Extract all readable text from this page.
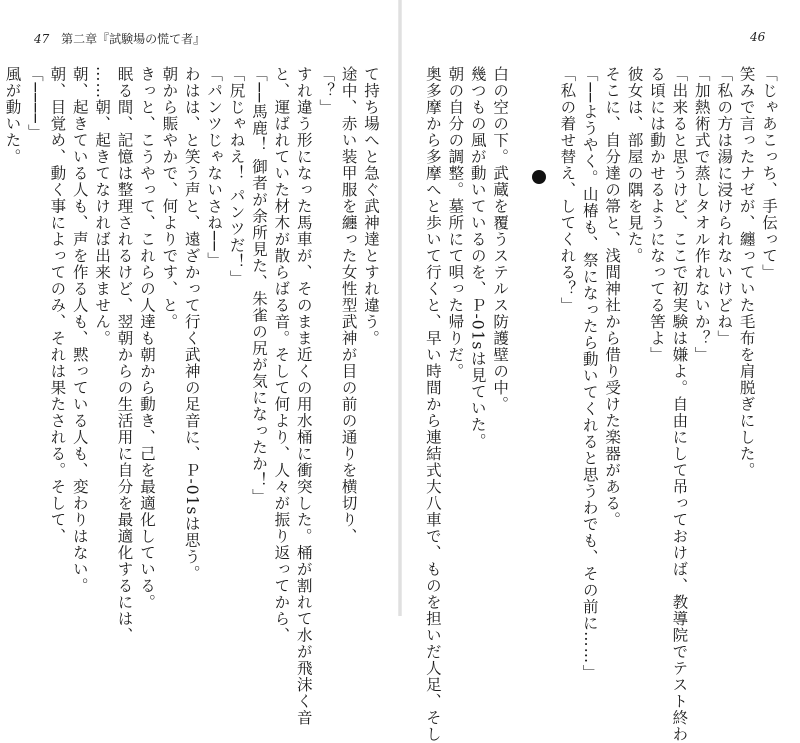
47 第二章『試験場の慌て者』	46
「じゃあこっち、手伝って」
笑みで言ったナゼが、纏っていた毛布を肩脱ぎにした。
「私の方は湯に浸けられないけどね」
「加熱術式で蒸しタオル作れないか？」
「出来ると思うけど、ここで初実験は嫌よ。自由にして吊っておけば、教導院でテスト終わ
る頃には動かせるようになってる筈よ」
彼女は、部屋の隅を見た。
そこに、自分達の箒と、浅間神社から借り受けた楽器がある。
「──ようやく。山椿も、祭になったら動いてくれると思うわでも、その前に……」
「私の着せ替え、してくれる？」

白の空の下。武蔵を覆うステルス防護壁の中。
幾つもの風が動いているのを、Ｐ-01sは見ていた。
朝の自分の調整。墓所にて唄った帰りだ。
奥多摩から多摩へと歩いて行くと、早い時間から連結式大八車で、ものを担いだ人足、そし
て持ち場へと急ぐ武神達とすれ違う。
途中、赤い装甲服を纏った女性型武神が目の前の通りを横切り、
「？」
すれ違う形になった馬車が、そのまま近くの用水桶に衝突した。桶が割れて水が飛沫く音
と、運ばれていた材木が散らばる音。そして何より、人々が振り返ってから、
「──馬鹿！ 御者が余所見た、朱雀の尻が気になったか！」
「尻じゃねえ！ パンツだ！」
「パンツじゃないさね──」
わはは、と笑う声と、遠ざかって行く武神の足音に、Ｐ-01sは思う。
朝から賑やかで、何よりです、と。
きっと、こうやって、これらの人達も朝から動き、己を最適化している。
眠る間、記憶は整理されるけど、翌朝からの生活用に自分を最適化するには、
……朝、起きてなければ出来ません。
朝、起きている人も、声を作る人も、黙っている人も、変わりはない。
朝、目覚め、動く事によってのみ、それは果たされる。そして、
「────」
風が動いた。
